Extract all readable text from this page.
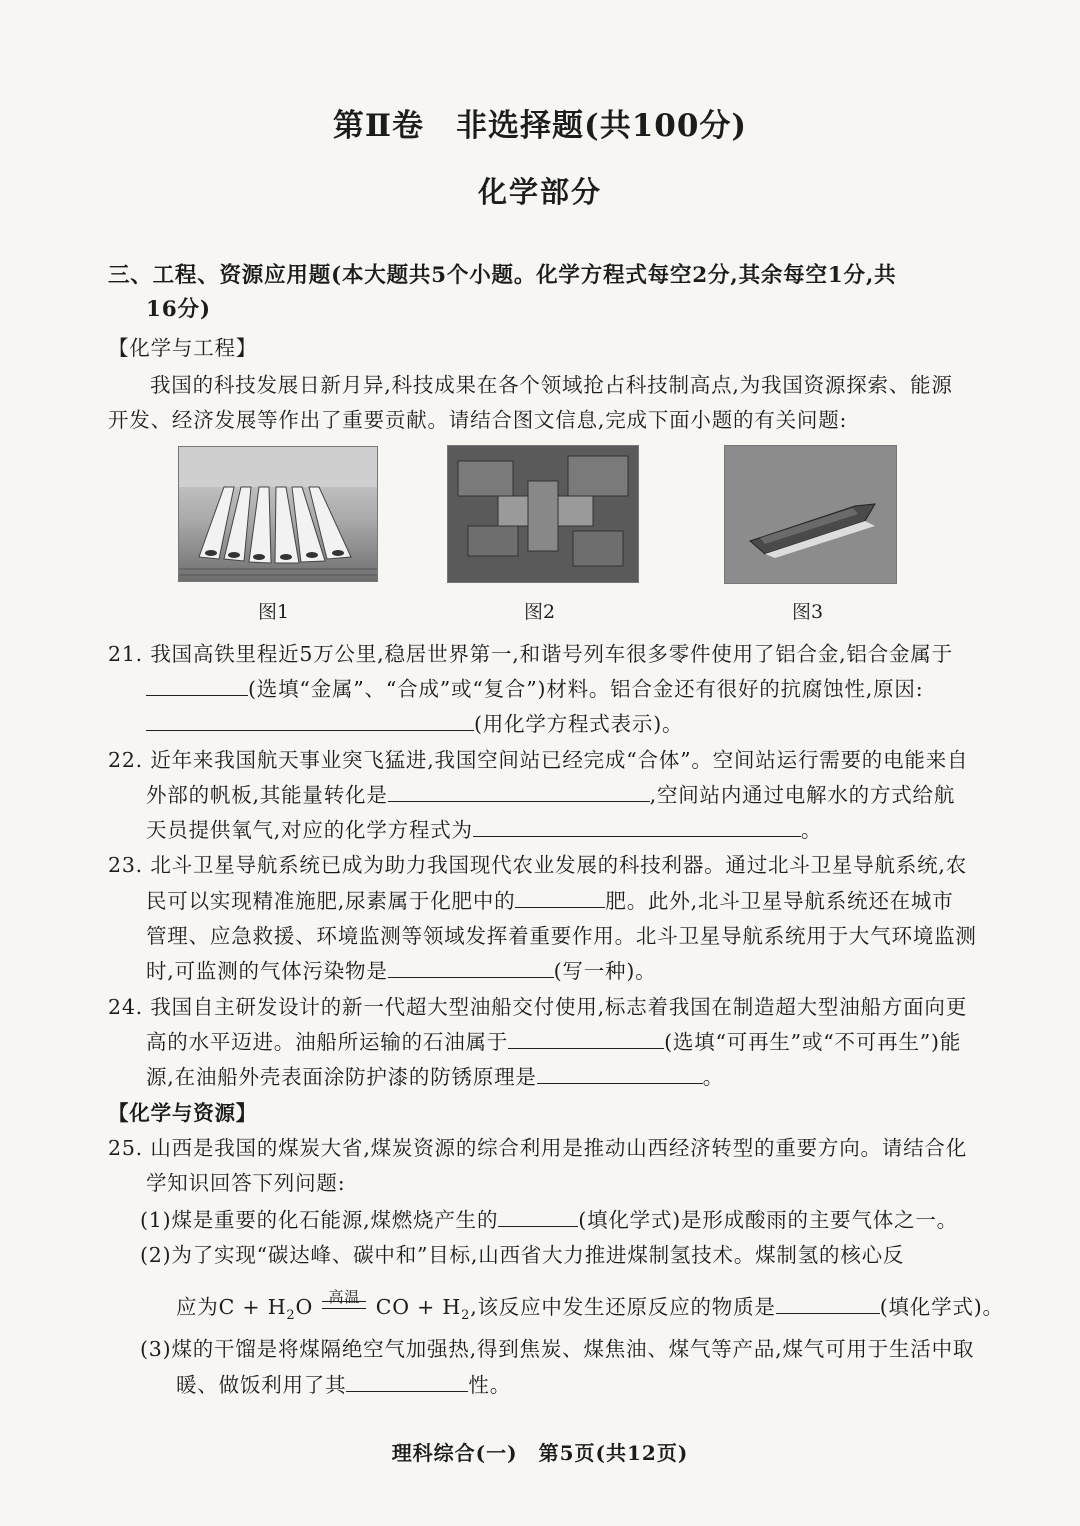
第Ⅱ卷　非选择题(共100分)
化学部分
三、工程、资源应用题(本大题共5个小题。化学方程式每空2分,其余每空1分,共
16分)
【化学与工程】
我国的科技发展日新月异,科技成果在各个领域抢占科技制高点,为我国资源探索、能源
开发、经济发展等作出了重要贡献。请结合图文信息,完成下面小题的有关问题:
图1	图2	图3
21. 我国高铁里程近5万公里,稳居世界第一,和谐号列车很多零件使用了铝合金,铝合金属于
(选填“金属”、“合成”或“复合”)材料。铝合金还有很好的抗腐蚀性,原因:
(用化学方程式表示)。
22. 近年来我国航天事业突飞猛进,我国空间站已经完成“合体”。空间站运行需要的电能来自
外部的帆板,其能量转化是	,空间站内通过电解水的方式给航
天员提供氧气,对应的化学方程式为	。
23. 北斗卫星导航系统已成为助力我国现代农业发展的科技利器。通过北斗卫星导航系统,农
民可以实现精准施肥,尿素属于化肥中的	肥。此外,北斗卫星导航系统还在城市
管理、应急救援、环境监测等领域发挥着重要作用。北斗卫星导航系统用于大气环境监测
时,可监测的气体污染物是	(写一种)。
24. 我国自主研发设计的新一代超大型油船交付使用,标志着我国在制造超大型油船方面向更
高的水平迈进。油船所运输的石油属于	(选填“可再生”或“不可再生”)能
源,在油船外壳表面涂防护漆的防锈原理是	。
【化学与资源】
25. 山西是我国的煤炭大省,煤炭资源的综合利用是推动山西经济转型的重要方向。请结合化
学知识回答下列问题:
(1)煤是重要的化石能源,煤燃烧产生的	(填化学式)是形成酸雨的主要气体之一。
(2)为了实现“碳达峰、碳中和”目标,山西省大力推进煤制氢技术。煤制氢的核心反
应为$C + H_2O$	高温 CO + $H_2$,该反应中发生还原反应的物质是	(填化学式)。
(3)煤的干馏是将煤隔绝空气加强热,得到焦炭、煤焦油、煤气等产品,煤气可用于生活中取
暖、做饭利用了其	性。
理科综合(一)　第5页(共12页)
